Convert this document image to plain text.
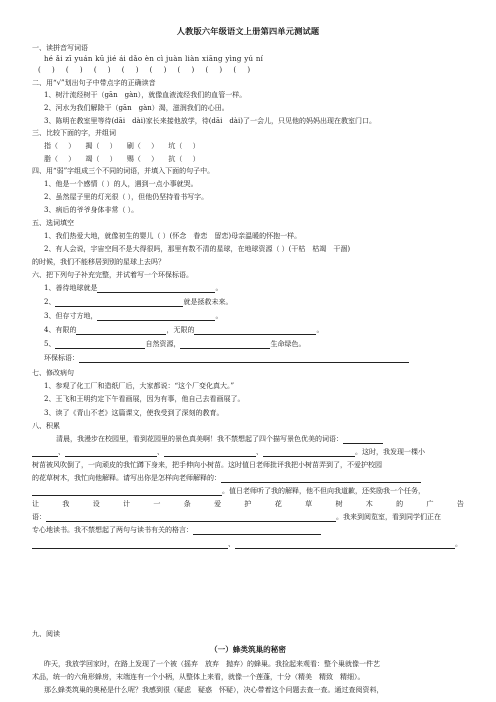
人教版六年级语文上册第四单元测试题
一、读拼音写词语
hé ǎi zī yuán kū jié ái dǎo èn cì juàn liàn xiāng yìng yú ní
( ) ( ) ( ) ( ) ( ) ( ) ( ) ( )
二、用“√”划出句子中带点字的正确读音
1、树汁流经树干（gān　gàn），就像血液流经我们的血管一样。
2、河水为我们解除干（gān　gàn）渴，滋润我们的心田。
3、陈明在教室里等待(dāi　dài)家长来接他放学，待(dāi　dài)了一会儿，只见他的妈妈出现在教室门口。
三、比较下面的字，并组词
指（ ） 揭（ ） 刷（ ） 坑（ ）
脂（ ） 竭（ ） 赐（ ） 抗（ ）
四、用“弱”字组成三个不同的词语，并填入下面的句子中。
1、他是一个感情（ ）的人，遇到一点小事就哭。
2、虽然屋子里的灯光很（ ），但他仍坚持看书写字。
3、病后的爷爷身体非常（ ）。
五、选词填空
1、我们热爱大地，就像初生的婴儿（ ）(怀念　眷恋　留恋)母亲温暖的怀抱一样。
2、有人会说，宇宙空间不是大得很吗，那里有数不清的星球，在地球资源（ ）(干枯　枯竭　干涸)
的时候，我们不能移居到别的星球上去吗？
六、把下列句子补充完整，并试着写一个环保标语。
1、善待地球就是	。
2、	就是拯救未来。
3、但存寸方地，	。
4、有限的	，无限的	。
5、	自然资源，	生命绿色。
环保标语：
七、修改病句
1、参观了化工厂和造纸厂后，大家都说：“这个厂变化真大。”
2、王飞和王明约定下午看画展，因为有事，他自己去看画展了。
3、读了《青山不老》这篇课文，使我受到了深刻的教育。
八、积累
清晨，我漫步在校园里，看到花园里的景色真美啊！我不禁想起了四个描写景色优美的词语：
、	、	、	。这时，我发现一棵小
树苗被风吹倒了，一向顽皮的我忙蹲下身来，把手伸向小树苗。这时值日老师批评我把小树苗弄到了，不爱护校园
的花草树木，我忙向他解释。请写出你是怎样向老师解释的：
。值日老师听了我的解释，他不但向我道歉，还奖励我一个任务，
让	我	设	计	一	条	爱	护	花	草	树	木	的	广	告
语：	。我来到阅览室，看到同学们正在
专心地读书。我不禁想起了两句与读书有关的格言：
、	。
九、阅读
（一）蜂类筑巢的秘密
昨天，我放学回家时，在路上发现了一个被（摇弃　放弃　抛弃）的蜂巢。我捡起来观看：整个巢就像一件艺
术品，统一的六角形蜂房，末端连有一个小柄，从整体上来看，就像一个莲蓬，十分（精美　精致　精细）。
那么蜂类筑巢的奥秘是什么呢？我感到很（疑虑　疑惑　怀疑），决心带着这个问题去查一查。通过查阅资料，
